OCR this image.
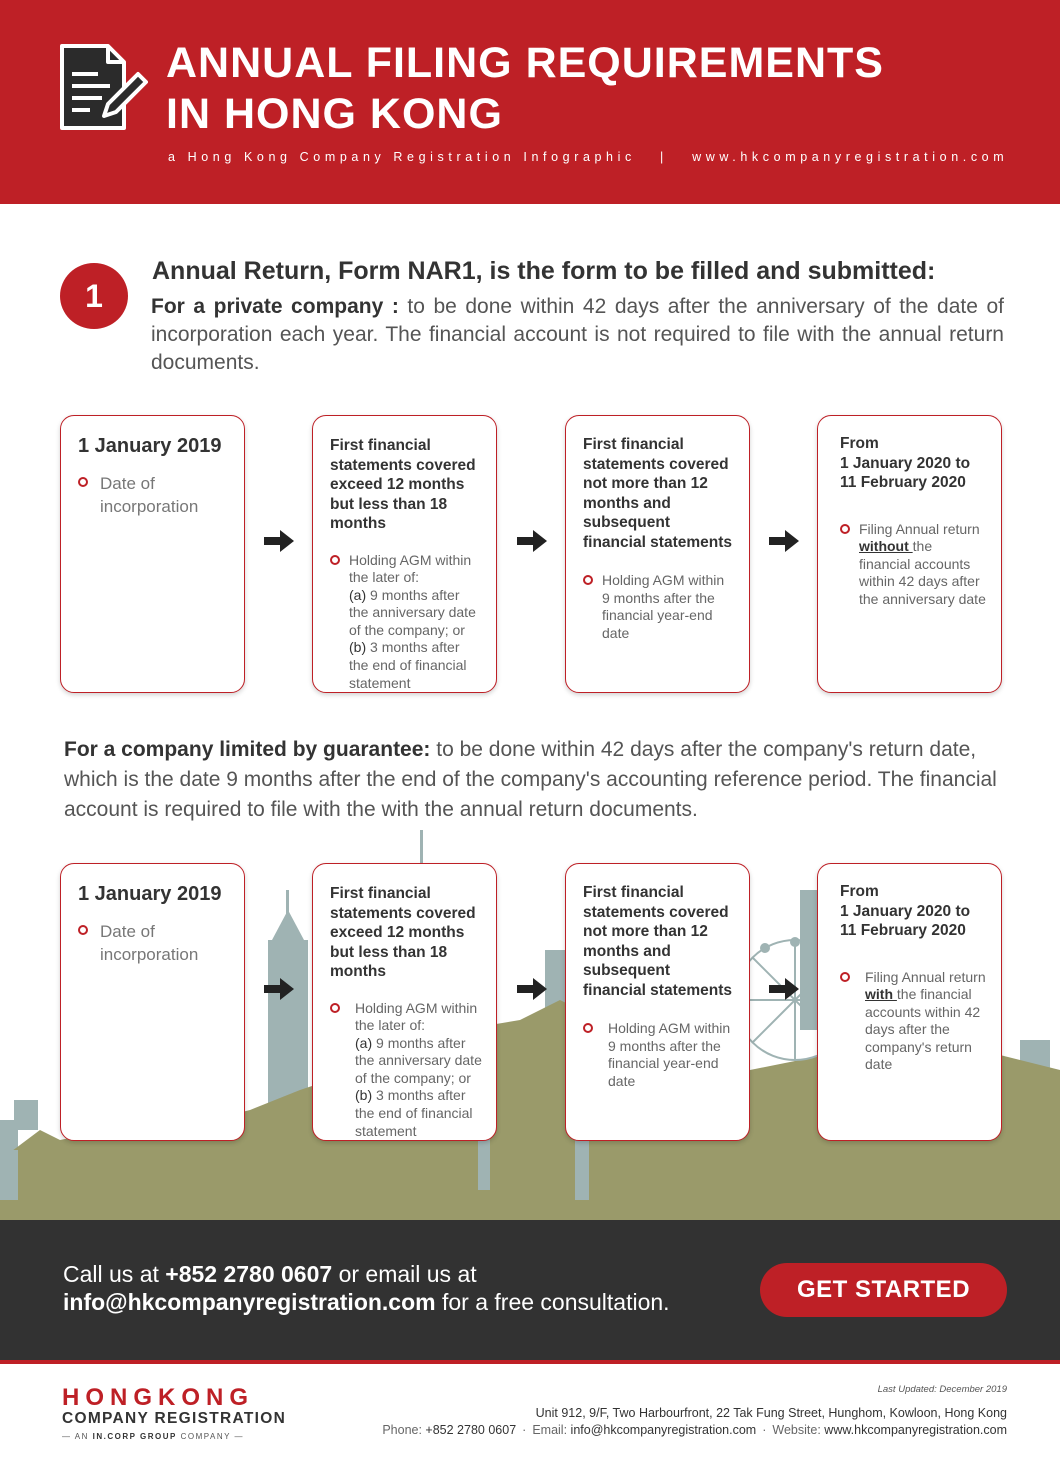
ANNUAL FILING REQUIREMENTS
IN HONG KONG
a Hong Kong Company Registration Infographic   |   www.hkcompanyregistration.com
1
Annual Return, Form NAR1, is the form to be filled and submitted:
For a private company : to be done within 42 days after the anniversary of the date of incorporation each year. The financial account is not required to file with the annual return documents.
1 January 2019
Date of incorporation
First financial statements covered exceed 12 months but less than 18 months
Holding AGM within the later of:
(a) 9 months after the anniversary date of the company; or
(b) 3 months after the end of financial statement
First financial statements covered not more than 12 months and subsequent financial statements
Holding AGM within 9 months after the financial year-end date
From
1 January 2020 to
11 February 2020
Filing Annual return without the financial accounts within 42 days after the anniversary date
For a company limited by guarantee: to be done within 42 days after the company's return date, which is the date 9 months after the end of the company's accounting reference period. The financial account is required to file with the with the annual return documents.
1 January 2019
Date of incorporation
First financial statements covered exceed 12 months but less than 18 months
Holding AGM within the later of:
(a) 9 months after the anniversary date of the company; or
(b) 3 months after the end of financial statement
First financial statements covered not more than 12 months and subsequent financial statements
Holding AGM within 9 months after the financial year-end date
From
1 January 2020 to
11 February 2020
Filing Annual return with the financial accounts within 42 days after the company's return date
Call us at +852 2780 0607 or email us at
info@hkcompanyregistration.com for a free consultation.	GET STARTED
HONGKONG
COMPANY REGISTRATION
— AN IN.CORP GROUP COMPANY —
Last Updated: December 2019
Unit 912, 9/F, Two Harbourfront, 22 Tak Fung Street, Hunghom, Kowloon, Hong Kong
Phone: +852 2780 0607 · Email: info@hkcompanyregistration.com · Website: www.hkcompanyregistration.com
